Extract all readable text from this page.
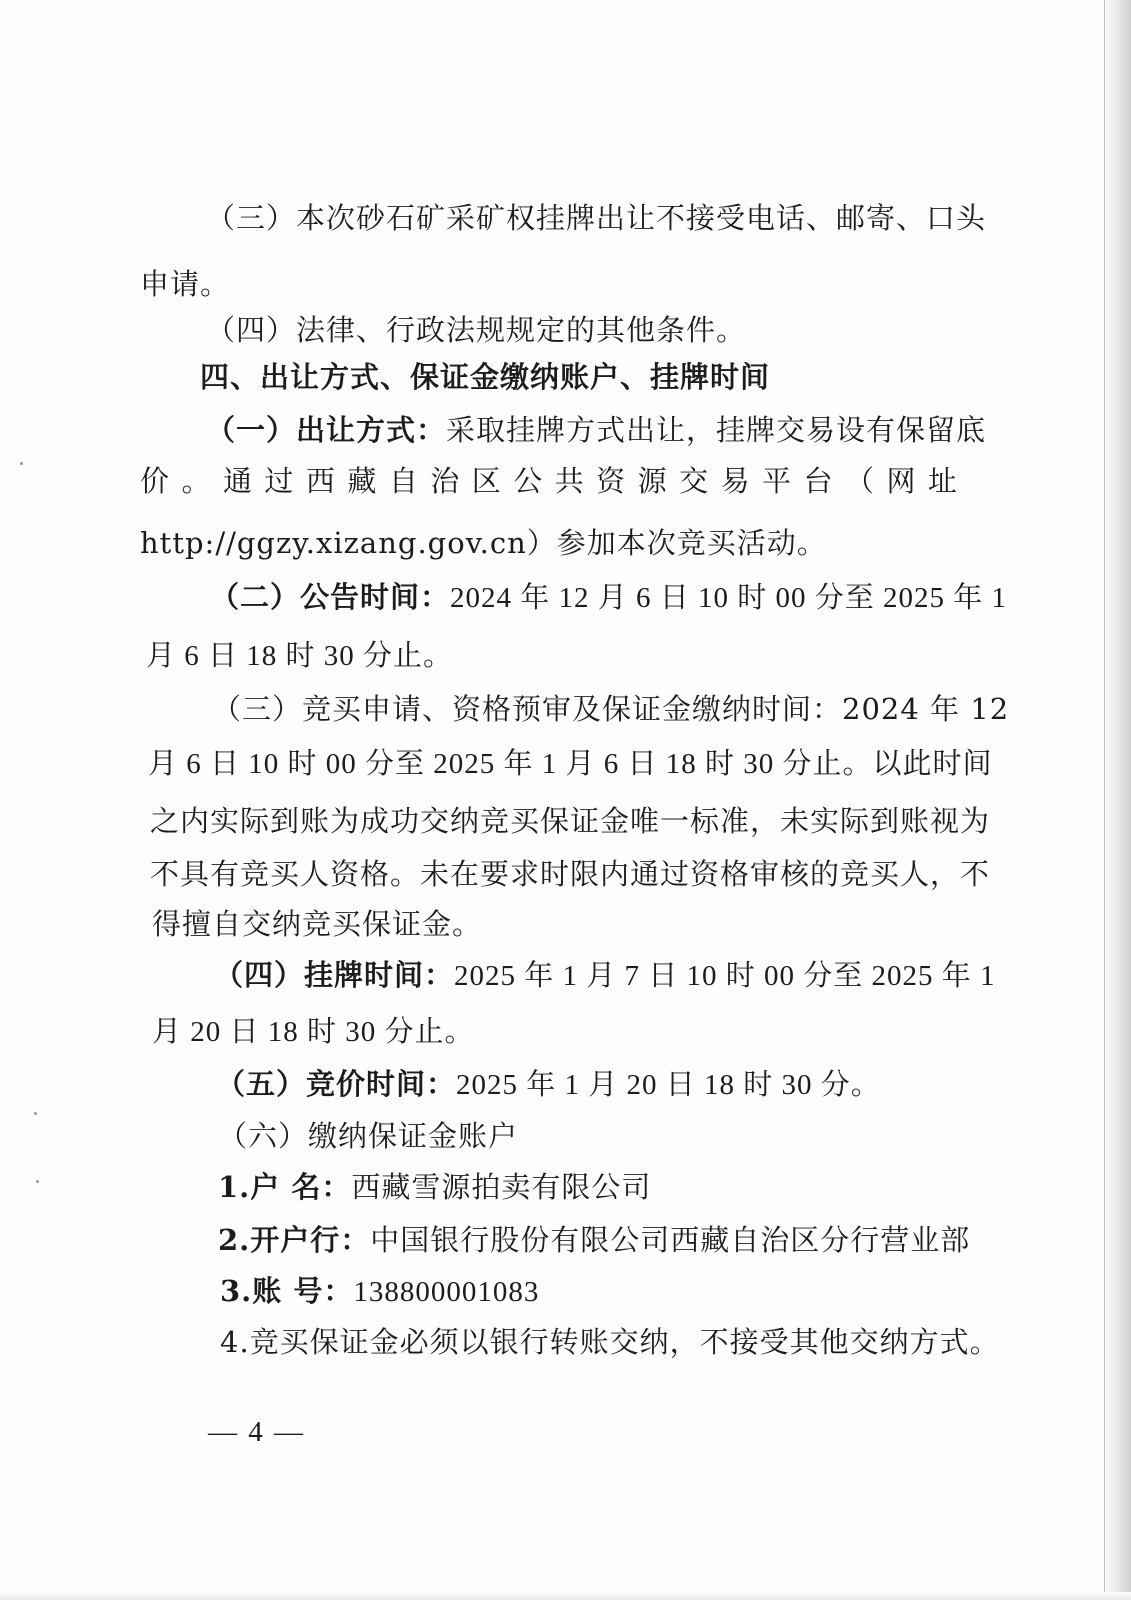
（三）本次砂石矿采矿权挂牌出让不接受电话、邮寄、口头
申请。
（四）法律、行政法规规定的其他条件。
四、出让方式、保证金缴纳账户、挂牌时间
（一）出让方式：采取挂牌方式出让，挂牌交易设有保留底
价 。 通 过 西 藏 自 治 区 公 共 资 源 交 易 平 台 （ 网 址
http://ggzy.xizang.gov.cn）参加本次竞买活动。
（二）公告时间：2024 年 12 月 6 日 10 时 00 分至 2025 年 1
月 6 日 18 时 30 分止。
（三）竞买申请、资格预审及保证金缴纳时间：2024 年 12
月 6 日 10 时 00 分至 2025 年 1 月 6 日 18 时 30 分止。以此时间
之内实际到账为成功交纳竞买保证金唯一标准，未实际到账视为
不具有竞买人资格。未在要求时限内通过资格审核的竞买人，不
得擅自交纳竞买保证金。
（四）挂牌时间：2025 年 1 月 7 日 10 时 00 分至 2025 年 1
月 20 日 18 时 30 分止。
（五）竞价时间：2025 年 1 月 20 日 18 时 30 分。
（六）缴纳保证金账户
1.户 名：西藏雪源拍卖有限公司
2.开户行：中国银行股份有限公司西藏自治区分行营业部
3.账 号：138800001083
4.竞买保证金必须以银行转账交纳，不接受其他交纳方式。
— 4 —
